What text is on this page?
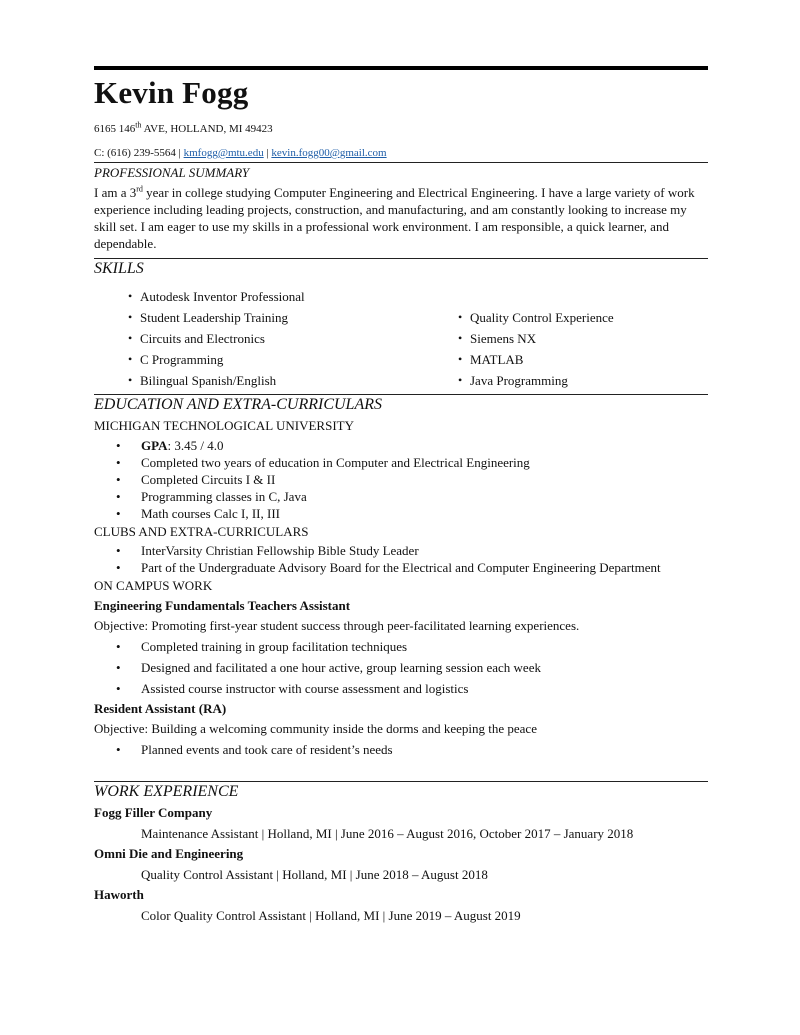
Kevin Fogg
6165 146th AVE, HOLLAND, MI 49423
C: (616) 239-5564 | kmfogg@mtu.edu | kevin.fogg00@gmail.com
PROFESSIONAL SUMMARY
I am a 3rd year in college studying Computer Engineering and Electrical Engineering. I have a large variety of work experience including leading projects, construction, and manufacturing, and am constantly looking to increase my skill set. I am eager to use my skills in a professional work environment. I am responsible, a quick learner, and dependable.
SKILLS
• Autodesk Inventor Professional
• Student Leadership Training
• Circuits and Electronics
• C Programming
• Bilingual Spanish/English
• Quality Control Experience
• Siemens NX
• MATLAB
• Java Programming
EDUCATION AND EXTRA-CURRICULARS
MICHIGAN TECHNOLOGICAL UNIVERSITY
• GPA: 3.45 / 4.0
• Completed two years of education in Computer and Electrical Engineering
• Completed Circuits I & II
• Programming classes in C, Java
• Math courses Calc I, II, III
CLUBS AND EXTRA-CURRICULARS
• InterVarsity Christian Fellowship Bible Study Leader
• Part of the Undergraduate Advisory Board for the Electrical and Computer Engineering Department
ON CAMPUS WORK
Engineering Fundamentals Teachers Assistant
Objective: Promoting first-year student success through peer-facilitated learning experiences.
• Completed training in group facilitation techniques
• Designed and facilitated a one hour active, group learning session each week
• Assisted course instructor with course assessment and logistics
Resident Assistant (RA)
Objective: Building a welcoming community inside the dorms and keeping the peace
• Planned events and took care of resident’s needs
WORK EXPERIENCE
Fogg Filler Company
Maintenance Assistant | Holland, MI | June 2016 – August 2016, October 2017 – January 2018
Omni Die and Engineering
Quality Control Assistant | Holland, MI | June 2018 – August 2018
Haworth
Color Quality Control Assistant | Holland, MI | June 2019 – August 2019
